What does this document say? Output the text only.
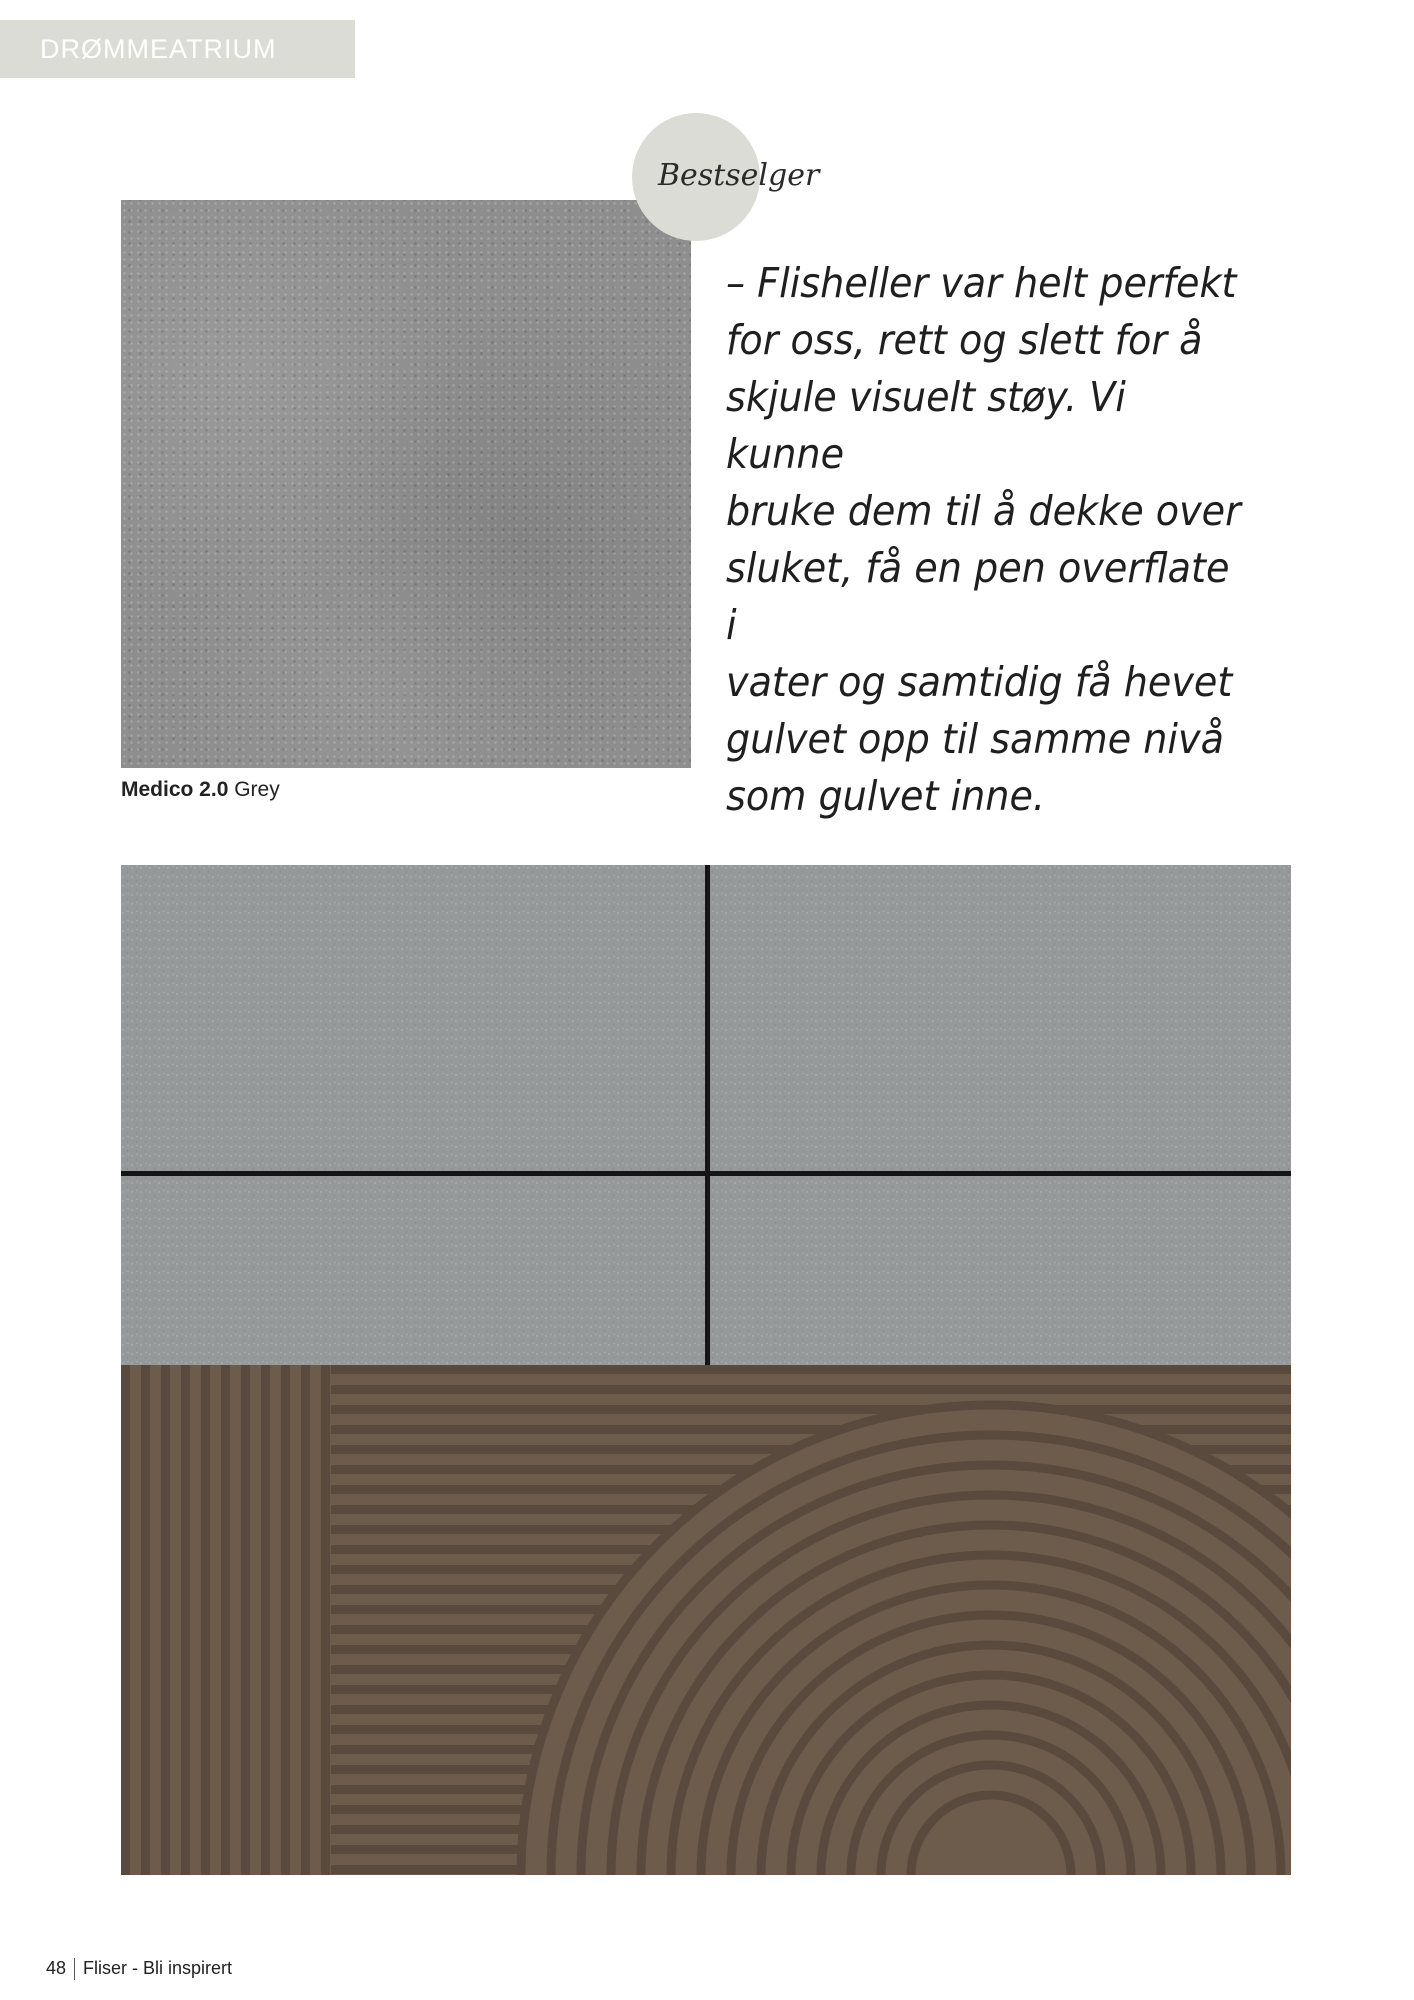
DRØMMEATRIUM
Bestselger

– Flisheller var helt perfekt
for oss, rett og slett for å
skjule visuelt støy. Vi kunne
bruke dem til å dekke over
sluket, få en pen overflate i
vater og samtidig få hevet
gulvet opp til samme nivå
som gulvet inne.

Medico 2.0 Grey
48 Fliser - Bli inspirert
